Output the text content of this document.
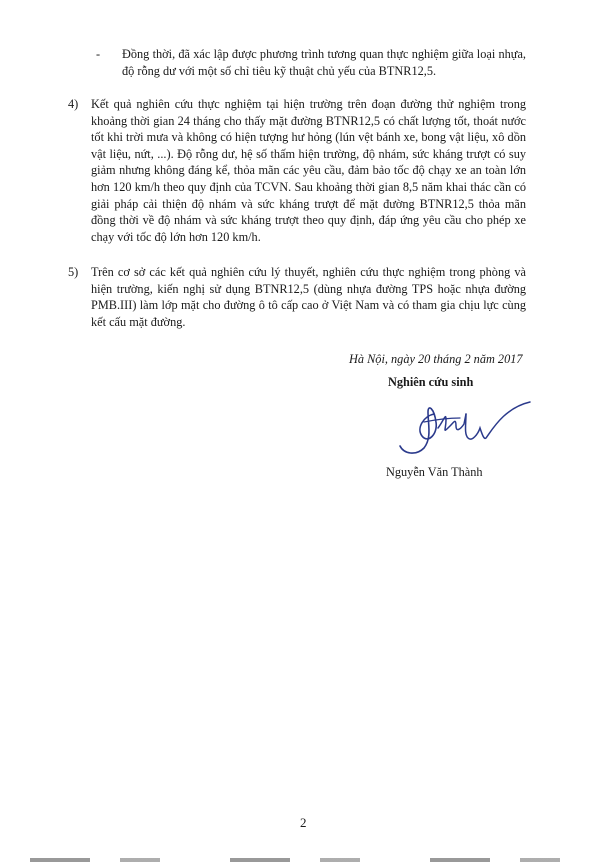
- Đồng thời, đã xác lập được phương trình tương quan thực nghiệm giữa loại nhựa, độ rỗng dư với một số chỉ tiêu kỹ thuật chủ yếu của BTNR12,5.
4) Kết quả nghiên cứu thực nghiệm tại hiện trường trên đoạn đường thử nghiệm trong khoảng thời gian 24 tháng cho thấy mặt đường BTNR12,5 có chất lượng tốt, thoát nước tốt khi trời mưa và không có hiện tượng hư hỏng (lún vệt bánh xe, bong vật liệu, xô dồn vật liệu, nứt, ...). Độ rỗng dư, hệ số thấm hiện trường, độ nhám, sức kháng trượt có suy giảm nhưng không đáng kể, thỏa mãn các yêu cầu, đảm bảo tốc độ chạy xe an toàn lớn hơn 120 km/h theo quy định của TCVN. Sau khoảng thời gian 8,5 năm khai thác cần có giải pháp cải thiện độ nhám và sức kháng trượt để mặt đường BTNR12,5 thỏa mãn đồng thời về độ nhám và sức kháng trượt theo quy định, đáp ứng yêu cầu cho phép xe chạy với tốc độ lớn hơn 120 km/h.
5) Trên cơ sở các kết quả nghiên cứu lý thuyết, nghiên cứu thực nghiệm trong phòng và hiện trường, kiến nghị sử dụng BTNR12,5 (dùng nhựa đường TPS hoặc nhựa đường PMB.III) làm lớp mặt cho đường ô tô cấp cao ở Việt Nam và có tham gia chịu lực cùng kết cấu mặt đường.
Hà Nội, ngày 20 tháng 2 năm 2017
Nghiên cứu sinh
Nguyễn Văn Thành
2
